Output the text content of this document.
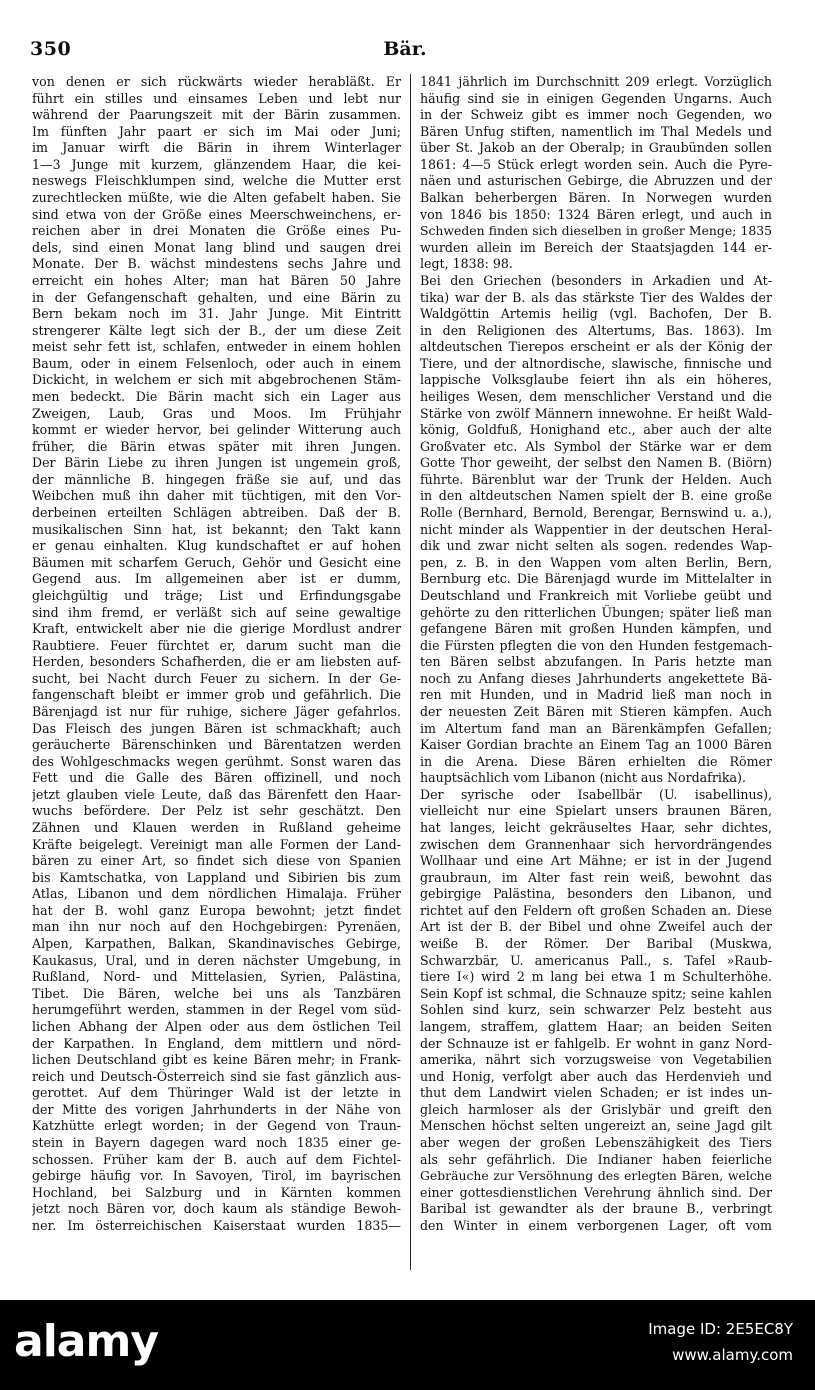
350	Bär.
von denen er sich rückwärts wieder herabläßt. Er
führt ein stilles und einsames Leben und lebt nur
während der Paarungszeit mit der Bärin zusammen.
Im fünften Jahr paart er sich im Mai oder Juni;
im Januar wirft die Bärin in ihrem Winterlager
1—3 Junge mit kurzem, glänzendem Haar, die kei-
neswegs Fleischklumpen sind, welche die Mutter erst
zurechtlecken müßte, wie die Alten gefabelt haben. Sie
sind etwa von der Größe eines Meerschweinchens, er-
reichen aber in drei Monaten die Größe eines Pu-
dels, sind einen Monat lang blind und saugen drei
Monate. Der B. wächst mindestens sechs Jahre und
erreicht ein hohes Alter; man hat Bären 50 Jahre
in der Gefangenschaft gehalten, und eine Bärin zu
Bern bekam noch im 31. Jahr Junge. Mit Eintritt
strengerer Kälte legt sich der B., der um diese Zeit
meist sehr fett ist, schlafen, entweder in einem hohlen
Baum, oder in einem Felsenloch, oder auch in einem
Dickicht, in welchem er sich mit abgebrochenen Stäm-
men bedeckt. Die Bärin macht sich ein Lager aus
Zweigen, Laub, Gras und Moos. Im Frühjahr
kommt er wieder hervor, bei gelinder Witterung auch
früher, die Bärin etwas später mit ihren Jungen.
Der Bärin Liebe zu ihren Jungen ist ungemein groß,
der männliche B. hingegen fräße sie auf, und das
Weibchen muß ihn daher mit tüchtigen, mit den Vor-
derbeinen erteilten Schlägen abtreiben. Daß der B.
musikalischen Sinn hat, ist bekannt; den Takt kann
er genau einhalten. Klug kundschaftet er auf hohen
Bäumen mit scharfem Geruch, Gehör und Gesicht eine
Gegend aus. Im allgemeinen aber ist er dumm,
gleichgültig und träge; List und Erfindungsgabe
sind ihm fremd, er verläßt sich auf seine gewaltige
Kraft, entwickelt aber nie die gierige Mordlust andrer
Raubtiere. Feuer fürchtet er, darum sucht man die
Herden, besonders Schafherden, die er am liebsten auf-
sucht, bei Nacht durch Feuer zu sichern. In der Ge-
fangenschaft bleibt er immer grob und gefährlich. Die
Bärenjagd ist nur für ruhige, sichere Jäger gefahrlos.
Das Fleisch des jungen Bären ist schmackhaft; auch
geräucherte Bärenschinken und Bärentatzen werden
des Wohlgeschmacks wegen gerühmt. Sonst waren das
Fett und die Galle des Bären offizinell, und noch
jetzt glauben viele Leute, daß das Bärenfett den Haar-
wuchs befördere. Der Pelz ist sehr geschätzt. Den
Zähnen und Klauen werden in Rußland geheime
Kräfte beigelegt. Vereinigt man alle Formen der Land-
bären zu einer Art, so findet sich diese von Spanien
bis Kamtschatka, von Lappland und Sibirien bis zum
Atlas, Libanon und dem nördlichen Himalaja. Früher
hat der B. wohl ganz Europa bewohnt; jetzt findet
man ihn nur noch auf den Hochgebirgen: Pyrenäen,
Alpen, Karpathen, Balkan, Skandinavisches Gebirge,
Kaukasus, Ural, und in deren nächster Umgebung, in
Rußland, Nord- und Mittelasien, Syrien, Palästina,
Tibet. Die Bären, welche bei uns als Tanzbären
herumgeführt werden, stammen in der Regel vom süd-
lichen Abhang der Alpen oder aus dem östlichen Teil
der Karpathen. In England, dem mittlern und nörd-
lichen Deutschland gibt es keine Bären mehr; in Frank-
reich und Deutsch-Österreich sind sie fast gänzlich aus-
gerottet. Auf dem Thüringer Wald ist der letzte in
der Mitte des vorigen Jahrhunderts in der Nähe von
Katzhütte erlegt worden; in der Gegend von Traun-
stein in Bayern dagegen ward noch 1835 einer ge-
schossen. Früher kam der B. auch auf dem Fichtel-
gebirge häufig vor. In Savoyen, Tirol, im bayrischen
Hochland, bei Salzburg und in Kärnten kommen
jetzt noch Bären vor, doch kaum als ständige Bewoh-
ner. Im österreichischen Kaiserstaat wurden 1835—
1841 jährlich im Durchschnitt 209 erlegt. Vorzüglich
häufig sind sie in einigen Gegenden Ungarns. Auch
in der Schweiz gibt es immer noch Gegenden, wo
Bären Unfug stiften, namentlich im Thal Medels und
über St. Jakob an der Oberalp; in Graubünden sollen
1861: 4—5 Stück erlegt worden sein. Auch die Pyre-
näen und asturischen Gebirge, die Abruzzen und der
Balkan beherbergen Bären. In Norwegen wurden
von 1846 bis 1850: 1324 Bären erlegt, und auch in
Schweden finden sich dieselben in großer Menge; 1835
wurden allein im Bereich der Staatsjagden 144 er-
legt, 1838: 98.
Bei den Griechen (besonders in Arkadien und At-
tika) war der B. als das stärkste Tier des Waldes der
Waldgöttin Artemis heilig (vgl. Bachofen, Der B.
in den Religionen des Altertums, Bas. 1863). Im
altdeutschen Tierepos erscheint er als der König der
Tiere, und der altnordische, slawische, finnische und
lappische Volksglaube feiert ihn als ein höheres,
heiliges Wesen, dem menschlicher Verstand und die
Stärke von zwölf Männern innewohne. Er heißt Wald-
könig, Goldfuß, Honighand etc., aber auch der alte
Großvater etc. Als Symbol der Stärke war er dem
Gotte Thor geweiht, der selbst den Namen B. (Biörn)
führte. Bärenblut war der Trunk der Helden. Auch
in den altdeutschen Namen spielt der B. eine große
Rolle (Bernhard, Bernold, Berengar, Bernswind u. a.),
nicht minder als Wappentier in der deutschen Heral-
dik und zwar nicht selten als sogen. redendes Wap-
pen, z. B. in den Wappen vom alten Berlin, Bern,
Bernburg etc. Die Bärenjagd wurde im Mittelalter in
Deutschland und Frankreich mit Vorliebe geübt und
gehörte zu den ritterlichen Übungen; später ließ man
gefangene Bären mit großen Hunden kämpfen, und
die Fürsten pflegten die von den Hunden festgemach-
ten Bären selbst abzufangen. In Paris hetzte man
noch zu Anfang dieses Jahrhunderts angekettete Bä-
ren mit Hunden, und in Madrid ließ man noch in
der neuesten Zeit Bären mit Stieren kämpfen. Auch
im Altertum fand man an Bärenkämpfen Gefallen;
Kaiser Gordian brachte an Einem Tag an 1000 Bären
in die Arena. Diese Bären erhielten die Römer
hauptsächlich vom Libanon (nicht aus Nordafrika).
Der syrische oder Isabellbär (U. isabellinus),
vielleicht nur eine Spielart unsers braunen Bären,
hat langes, leicht gekräuseltes Haar, sehr dichtes,
zwischen dem Grannenhaar sich hervordrängendes
Wollhaar und eine Art Mähne; er ist in der Jugend
graubraun, im Alter fast rein weiß, bewohnt das
gebirgige Palästina, besonders den Libanon, und
richtet auf den Feldern oft großen Schaden an. Diese
Art ist der B. der Bibel und ohne Zweifel auch der
weiße B. der Römer. Der Baribal (Muskwa,
Schwarzbär, U. americanus Pall., s. Tafel »Raub-
tiere I«) wird 2 m lang bei etwa 1 m Schulterhöhe.
Sein Kopf ist schmal, die Schnauze spitz; seine kahlen
Sohlen sind kurz, sein schwarzer Pelz besteht aus
langem, straffem, glattem Haar; an beiden Seiten
der Schnauze ist er fahlgelb. Er wohnt in ganz Nord-
amerika, nährt sich vorzugsweise von Vegetabilien
und Honig, verfolgt aber auch das Herdenvieh und
thut dem Landwirt vielen Schaden; er ist indes un-
gleich harmloser als der Grislybär und greift den
Menschen höchst selten ungereizt an, seine Jagd gilt
aber wegen der großen Lebenszähigkeit des Tiers
als sehr gefährlich. Die Indianer haben feierliche
Gebräuche zur Versöhnung des erlegten Bären, welche
einer gottesdienstlichen Verehrung ähnlich sind. Der
Baribal ist gewandter als der braune B., verbringt
den Winter in einem verborgenen Lager, oft vom
alamy	Image ID: 2E5EC8Y
www.alamy.com
